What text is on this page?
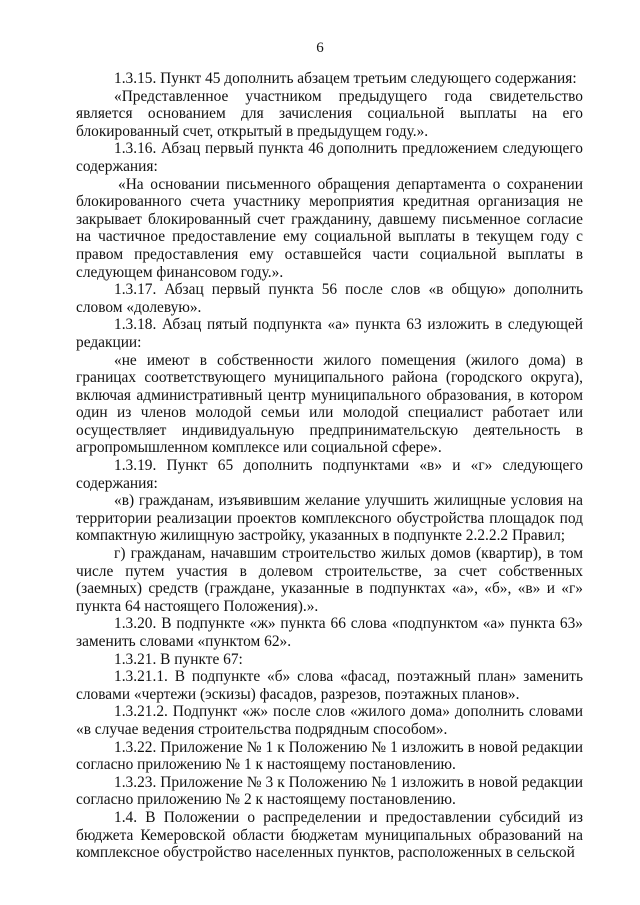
6

1.3.15. Пункт 45 дополнить абзацем третьим следующего содержания:

«Представленное участником предыдущего года свидетельство является основанием для зачисления социальной выплаты на его блокированный счет, открытый в предыдущем году.».

1.3.16. Абзац первый пункта 46 дополнить предложением следующего содержания:

«На основании письменного обращения департамента о сохранении блокированного счета участнику мероприятия кредитная организация не закрывает блокированный счет гражданину, давшему письменное согласие на частичное предоставление ему социальной выплаты в текущем году с правом предоставления ему оставшейся части социальной выплаты в следующем финансовом году.».

1.3.17. Абзац первый пункта 56 после слов «в общую» дополнить словом «долевую».

1.3.18. Абзац пятый подпункта «а» пункта 63 изложить в следующей редакции:

«не имеют в собственности жилого помещения (жилого дома) в границах соответствующего муниципального района (городского округа), включая административный центр муниципального образования, в котором один из членов молодой семьи или молодой специалист работает или осуществляет индивидуальную предпринимательскую деятельность в агропромышленном комплексе или социальной сфере».

1.3.19. Пункт 65 дополнить подпунктами «в» и «г» следующего содержания:

«в) гражданам, изъявившим желание улучшить жилищные условия на территории реализации проектов комплексного обустройства площадок под компактную жилищную застройку, указанных в подпункте 2.2.2.2 Правил;

г) гражданам, начавшим строительство жилых домов (квартир), в том числе путем участия в долевом строительстве, за счет собственных (заемных) средств (граждане, указанные в подпунктах «а», «б», «в» и «г» пункта 64 настоящего Положения).».

1.3.20. В подпункте «ж» пункта 66 слова «подпунктом «а» пункта 63» заменить словами «пунктом 62».

1.3.21. В пункте 67:

1.3.21.1. В подпункте «б» слова «фасад, поэтажный план» заменить словами «чертежи (эскизы) фасадов, разрезов, поэтажных планов».

1.3.21.2. Подпункт «ж» после слов «жилого дома» дополнить словами «в случае ведения строительства подрядным способом».

1.3.22. Приложение № 1 к Положению № 1 изложить в новой редакции согласно приложению № 1 к настоящему постановлению.

1.3.23. Приложение № 3 к Положению № 1 изложить в новой редакции согласно приложению № 2 к настоящему постановлению.

1.4. В Положении о распределении и предоставлении субсидий из бюджета Кемеровской области бюджетам муниципальных образований на комплексное обустройство населенных пунктов, расположенных в сельской
